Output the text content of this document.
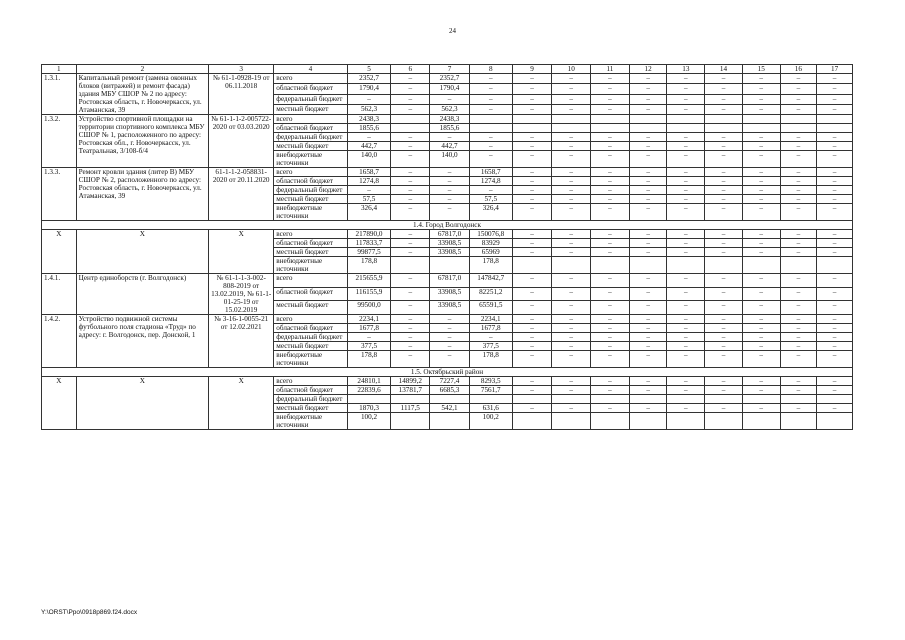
24
1	2	3	4	5	6	7	8	9	10	11	12	13	14	15	16	17
1.3.1.	Капитальный ремонт (замена оконных блоков (витражей) и ремонт фасада) здания МБУ СШОР № 2 по адресу: Ростовская область, г. Новочеркасск, ул. Атаманская, 39	№ 61-1-0928-19 от 06.11.2018	всего	2352,7	–	2352,7	–	–	–	–	–	–	–	–	–	–
			областной бюджет	1790,4	–	1790,4	–	–	–	–	–	–	–	–	–	–
			федеральный бюджет	–	–	–	–	–	–	–	–	–	–	–	–	–
			местный бюджет	562,3	–	562,3	–	–	–	–	–	–	–	–	–	–
1.3.2.	Устройство спортивной площадки на территории спортивного комплекса МБУ СШОР № 1, расположенного по адресу: Ростовская обл., г. Новочеркасск, ул. Театральная, 3/108-б/4	№ 61-1-1-2-005722-2020 от 03.03.2020	всего	2438,3		2438,3										
			областной бюджет	1855,6		1855,6										
			федеральный бюджет	–	–	–	–	–	–	–	–	–	–	–	–	–
			местный бюджет	442,7	–	442,7	–	–	–	–	–	–	–	–	–	–
			внебюджетные источники	140,0	–	140,0	–	–	–	–	–	–	–	–	–	–
1.3.3.	Ремонт кровли здания (литер В) МБУ СШОР № 2, расположенного по адресу: Ростовская область, г. Новочеркасск, ул. Атаманская, 39	61-1-1-2-058831-2020 от 20.11.2020	всего	1658,7	–	–	1658,7	–	–	–	–	–	–	–	–	–
			областной бюджет	1274,8	–	–	1274,8	–	–	–	–	–	–	–	–	–
			федеральный бюджет	–	–	–	–	–	–	–	–	–	–	–	–	–
			местный бюджет	57,5	–	–	57,5	–	–	–	–	–	–	–	–	–
			внебюджетные источники	326,4	–	–	326,4	–	–	–	–	–	–	–	–	–
1.4. Город Волгодонск																
Х	Х	Х	всего	217890,0	–	67817,0	150076,8	–	–	–	–	–	–	–	–	–
			областной бюджет	117833,7	–	33908,5	83929	–	–	–	–	–	–	–	–	–
			местный бюджет	99877,5	–	33908,5	65969	–	–	–	–	–	–	–	–	–
			внебюджетные источники	178,8			178,8									
1.4.1.	Центр единоборств (г. Волгодонск)	№ 61-1-1-3-002-808-2019 от 13.02.2019, № 61-1-01-25-19 от 15.02.2019	всего	215655,9	–	67817,0	147842,7	–	–	–	–	–	–	–	–	–
			областной бюджет	116155,9	–	33908,5	82251,2	–	–	–	–	–	–	–	–	–
			местный бюджет	99500,0	–	33908,5	65591,5	–	–	–	–	–	–	–	–	–
1.4.2.	Устройство подвижной системы футбольного поля стадиона «Труд» по адресу: г. Волгодонск, пер. Донской, 1	№ 3-16-1-0055-21 от 12.02.2021	всего	2234,1	–	–	2234,1	–	–	–	–	–	–	–	–	–
			областной бюджет	1677,8	–	–	1677,8	–	–	–	–	–	–	–	–	–
			федеральный бюджет	–	–	–	–	–	–	–	–	–	–	–	–	–
			местный бюджет	377,5	–	–	377,5	–	–	–	–	–	–	–	–	–
			внебюджетные источники	178,8	–	–	178,8	–	–	–	–	–	–	–	–	–
1.5. Октябрьский район																
Х	Х	Х	всего	24810,1	14899,2	7227,4	8293,5	–	–	–	–	–	–	–	–	–
			областной бюджет	22839,6	13781,7	6685,3	7561,7	–	–	–	–	–	–	–	–	–
			федеральный бюджет													
			местный бюджет	1870,3	1117,5	542,1	631,6	–	–	–	–	–	–	–	–	–
			внебюджетные источники	100,2			100,2									
Y:\ORST\Ppo\0918p869.f24.docx
